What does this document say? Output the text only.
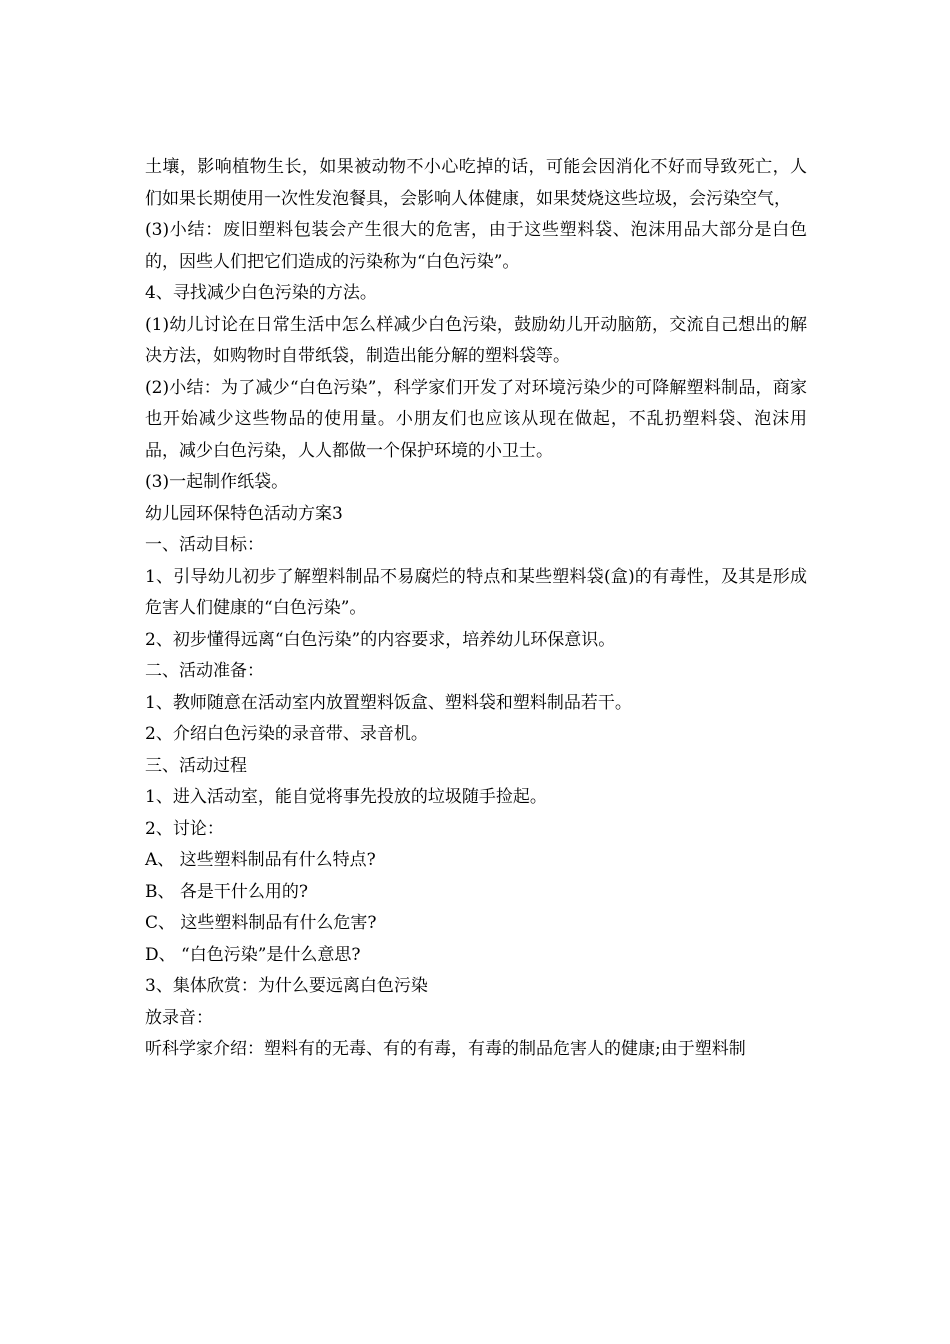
土壤，影响植物生长，如果被动物不小心吃掉的话，可能会因消化不好而导致死亡，人们如果长期使用一次性发泡餐具，会影响人体健康，如果焚烧这些垃圾，会污染空气，

(3)小结：废旧塑料包装会产生很大的危害，由于这些塑料袋、泡沫用品大部分是白色的，因些人们把它们造成的污染称为“白色污染”。

4、寻找减少白色污染的方法。

(1)幼儿讨论在日常生活中怎么样减少白色污染，鼓励幼儿开动脑筋，交流自己想出的解决方法，如购物时自带纸袋，制造出能分解的塑料袋等。

(2)小结：为了减少“白色污染”，科学家们开发了对环境污染少的可降解塑料制品，商家也开始减少这些物品的使用量。小朋友们也应该从现在做起，不乱扔塑料袋、泡沫用品，减少白色污染，人人都做一个保护环境的小卫士。

(3)一起制作纸袋。

幼儿园环保特色活动方案3

一、活动目标：

1、引导幼儿初步了解塑料制品不易腐烂的特点和某些塑料袋(盒)的有毒性，及其是形成危害人们健康的“白色污染”。

2、初步懂得远离“白色污染”的内容要求，培养幼儿环保意识。

二、活动准备：

1、教师随意在活动室内放置塑料饭盒、塑料袋和塑料制品若干。

2、介绍白色污染的录音带、录音机。

三、活动过程

1、进入活动室，能自觉将事先投放的垃圾随手捡起。

2、讨论：

A、 这些塑料制品有什么特点?

B、 各是干什么用的?

C、 这些塑料制品有什么危害?

D、 “白色污染”是什么意思?

3、集体欣赏：为什么要远离白色污染

放录音：

听科学家介绍：塑料有的无毒、有的有毒，有毒的制品危害人的健康;由于塑料制
